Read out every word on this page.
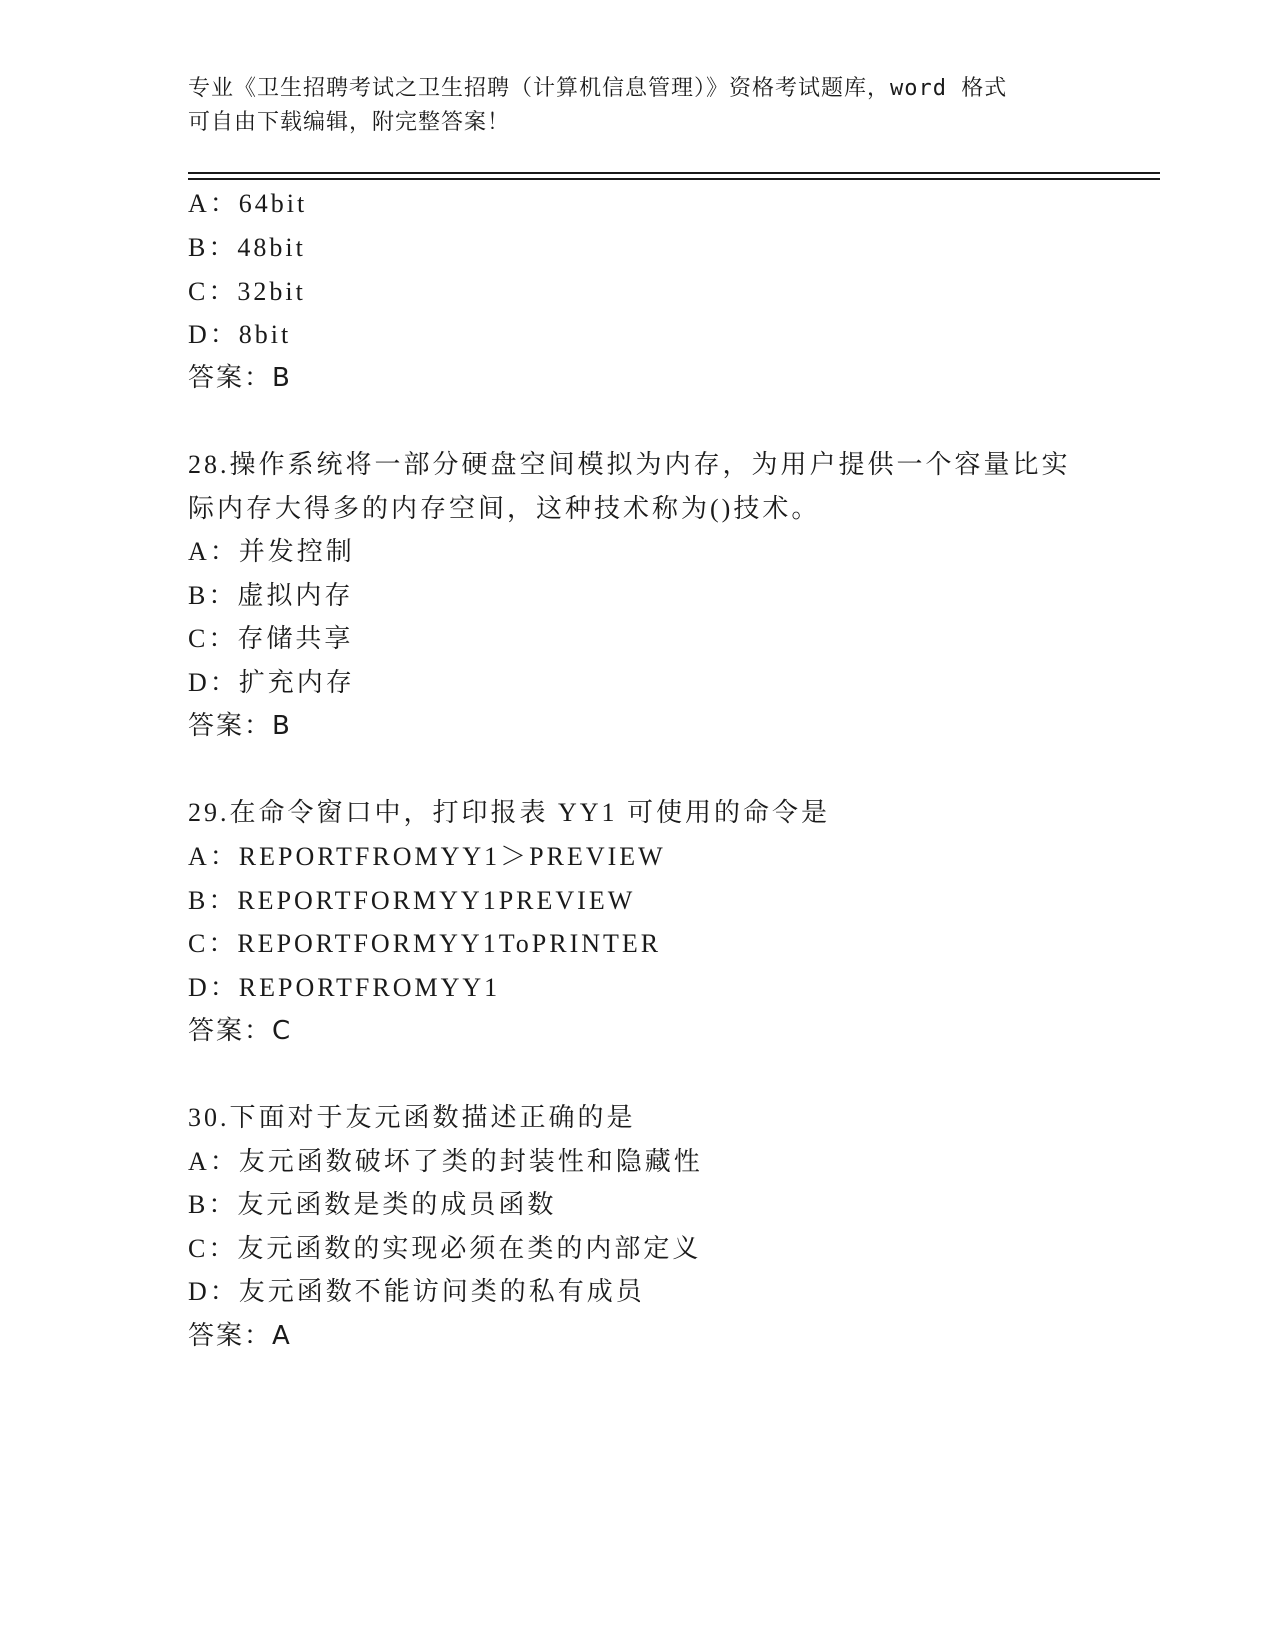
专业《卫生招聘考试之卫生招聘（计算机信息管理）》资格考试题库，word 格式
可自由下载编辑，附完整答案！
A：64bit
B：48bit
C：32bit
D：8bit
答案：B
28.操作系统将一部分硬盘空间模拟为内存，为用户提供一个容量比实
际内存大得多的内存空间，这种技术称为()技术。
A：并发控制
B：虚拟内存
C：存储共享
D：扩充内存
答案：B
29.在命令窗口中，打印报表 YY1 可使用的命令是
A：REPORTFROMYY1＞PREVIEW
B：REPORTFORMYY1PREVIEW
C：REPORTFORMYY1ToPRINTER
D：REPORTFROMYY1
答案：C
30.下面对于友元函数描述正确的是
A：友元函数破坏了类的封装性和隐藏性
B：友元函数是类的成员函数
C：友元函数的实现必须在类的内部定义
D：友元函数不能访问类的私有成员
答案：A
